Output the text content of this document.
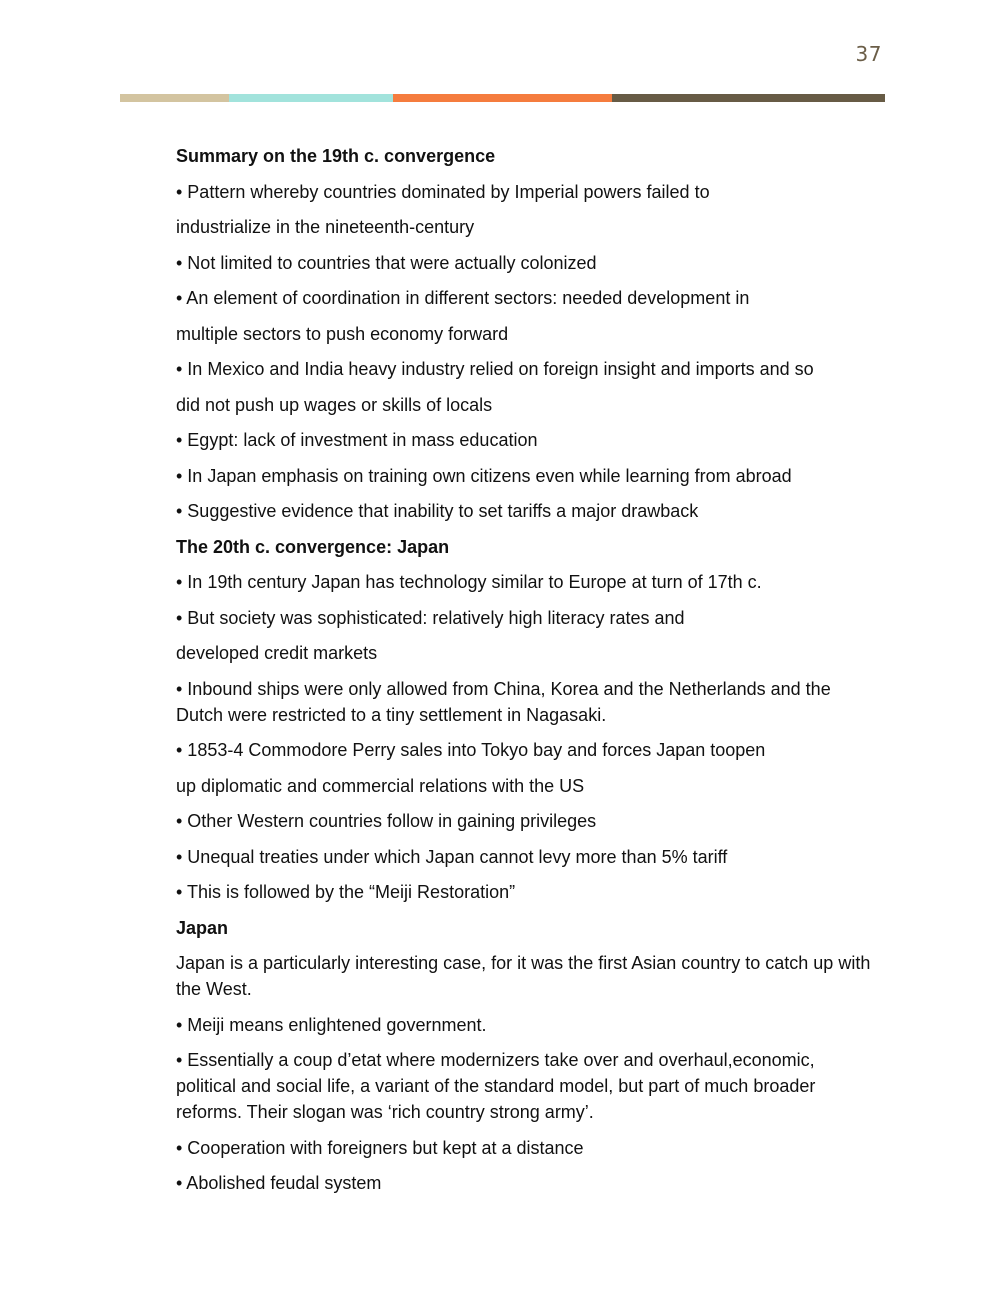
37
Summary on the 19th c. convergence
• Pattern whereby countries dominated by Imperial powers failed to
industrialize in the nineteenth-century
• Not limited to countries that were actually colonized
• An element of coordination in different sectors: needed development in
multiple sectors to push economy forward
• In Mexico and India heavy industry relied on foreign insight and imports and so
did not push up wages or skills of locals
• Egypt: lack of investment in mass education
• In Japan emphasis on training own citizens even while learning from abroad
• Suggestive evidence that inability to set tariffs a major drawback
The 20th c. convergence: Japan
• In 19th century Japan has technology similar to Europe at turn of 17th c.
• But society was sophisticated: relatively high literacy rates and
developed credit markets
• Inbound ships were only allowed from China, Korea and the Netherlands and the Dutch were restricted to a tiny settlement in Nagasaki.
• 1853-4 Commodore Perry sales into Tokyo bay and forces Japan toopen
up diplomatic and commercial relations with the US
• Other Western countries follow in gaining privileges
• Unequal treaties under which Japan cannot levy more than 5% tariff
• This is followed by the “Meiji Restoration”
Japan
Japan is a particularly interesting case, for it was the first Asian country to catch up with the West.
• Meiji means enlightened government.
• Essentially a coup d’etat where modernizers take over and overhaul,economic, political and social life, a variant of the standard model, but part of much broader reforms. Their slogan was ‘rich country strong army’.
• Cooperation with foreigners but kept at a distance
• Abolished feudal system
